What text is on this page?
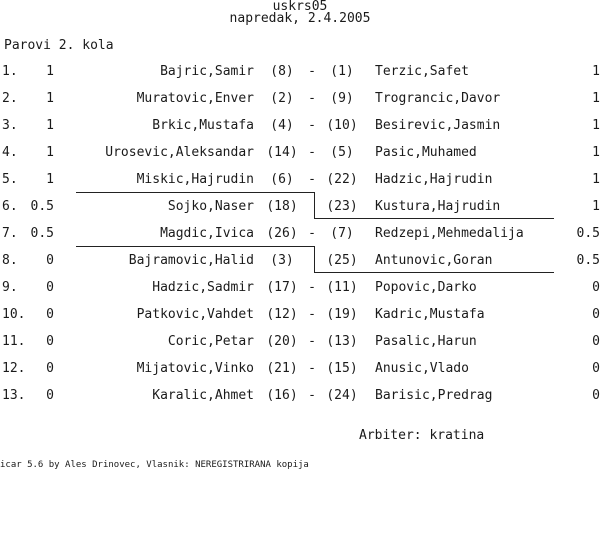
uskrs05
napredak, 2.4.2005
Parovi 2. kola
1.	1	Bajric,Samir	(8)	-	(1)	Terzic,Safet	1
2.	1	Muratovic,Enver	(2)	-	(9)	Trograncic,Davor	1
3.	1	Brkic,Mustafa	(4)	- (10)	Besirevic,Jasmin	1
4.	1	Urosevic,Aleksandar (14) -	(5)	Pasic,Muhamed	1
5.	1	Miskic,Hajrudin	(6)	- (22)	Hadzic,Hajrudin	1
6. 0.5	Sojko,Naser (18)	(23)	Kustura,Hajrudin	1
7. 0.5	Magdic,Ivica (26) -	(7)	Redzepi,Mehmedalija	0.5
8.	0	Bajramovic,Halid	(3)	(25)	Antunovic,Goran	0.5
9.	0	Hadzic,Sadmir (17) - (11)	Popovic,Darko	0
10.	0	Patkovic,Vahdet (12) - (19)	Kadric,Mustafa	0
11.	0	Coric,Petar (20) - (13)	Pasalic,Harun	0
12.	0	Mijatovic,Vinko (21) - (15)	Anusic,Vlado	0
13.	0	Karalic,Ahmet (16) - (24)	Barisic,Predrag	0
Arbiter: kratina
icar 5.6 by Ales Drinovec, Vlasnik: NEREGISTRIRANA kopija
